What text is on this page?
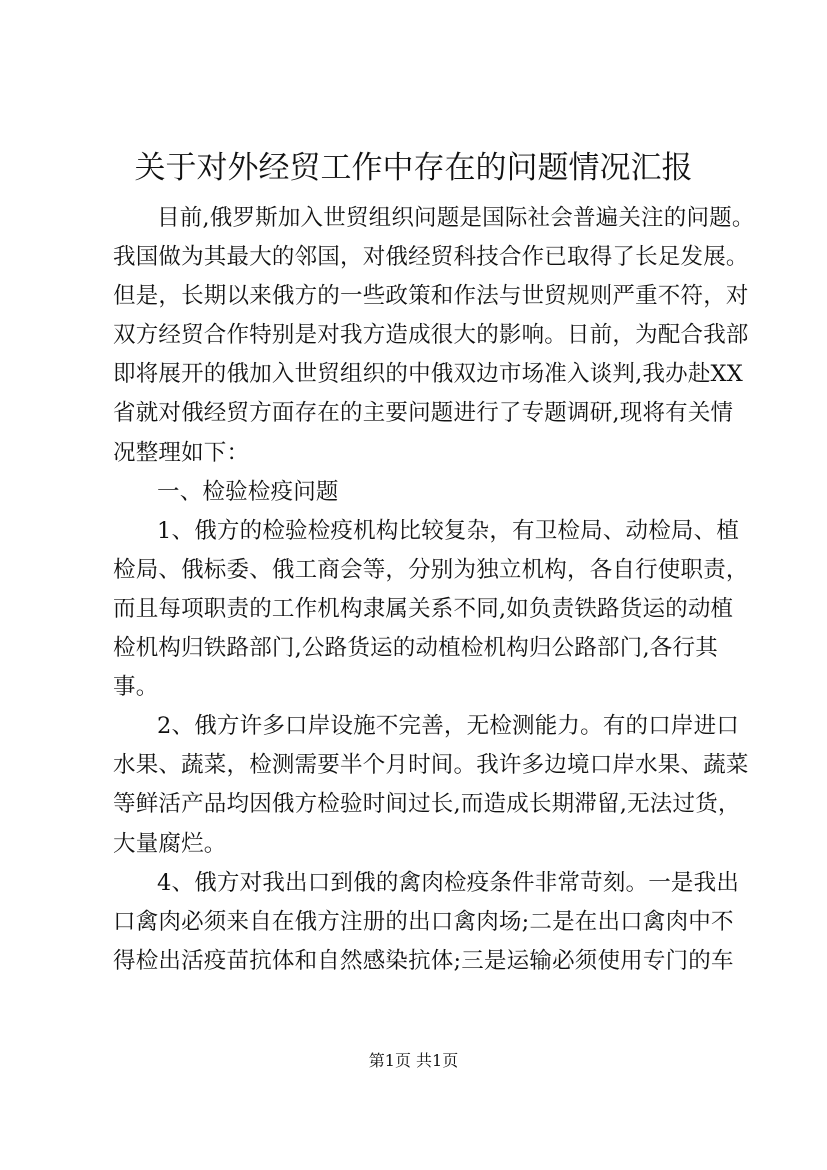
关于对外经贸工作中存在的问题情况汇报
目前,俄罗斯加入世贸组织问题是国际社会普遍关注的问题。
我国做为其最大的邻国，对俄经贸科技合作已取得了长足发展。
但是，长期以来俄方的一些政策和作法与世贸规则严重不符，对
双方经贸合作特别是对我方造成很大的影响。日前，为配合我部
即将展开的俄加入世贸组织的中俄双边市场准入谈判,我办赴XX
省就对俄经贸方面存在的主要问题进行了专题调研,现将有关情
况整理如下：
一、检验检疫问题
1、俄方的检验检疫机构比较复杂，有卫检局、动检局、植
检局、俄标委、俄工商会等，分别为独立机构，各自行使职责，
而且每项职责的工作机构隶属关系不同,如负责铁路货运的动植
检机构归铁路部门,公路货运的动植检机构归公路部门,各行其
事。
2、俄方许多口岸设施不完善，无检测能力。有的口岸进口
水果、蔬菜，检测需要半个月时间。我许多边境口岸水果、蔬菜
等鲜活产品均因俄方检验时间过长,而造成长期滞留,无法过货，
大量腐烂。
4、俄方对我出口到俄的禽肉检疫条件非常苛刻。一是我出
口禽肉必须来自在俄方注册的出口禽肉场;二是在出口禽肉中不
得检出活疫苗抗体和自然感染抗体;三是运输必须使用专门的车
第1页 共1页
